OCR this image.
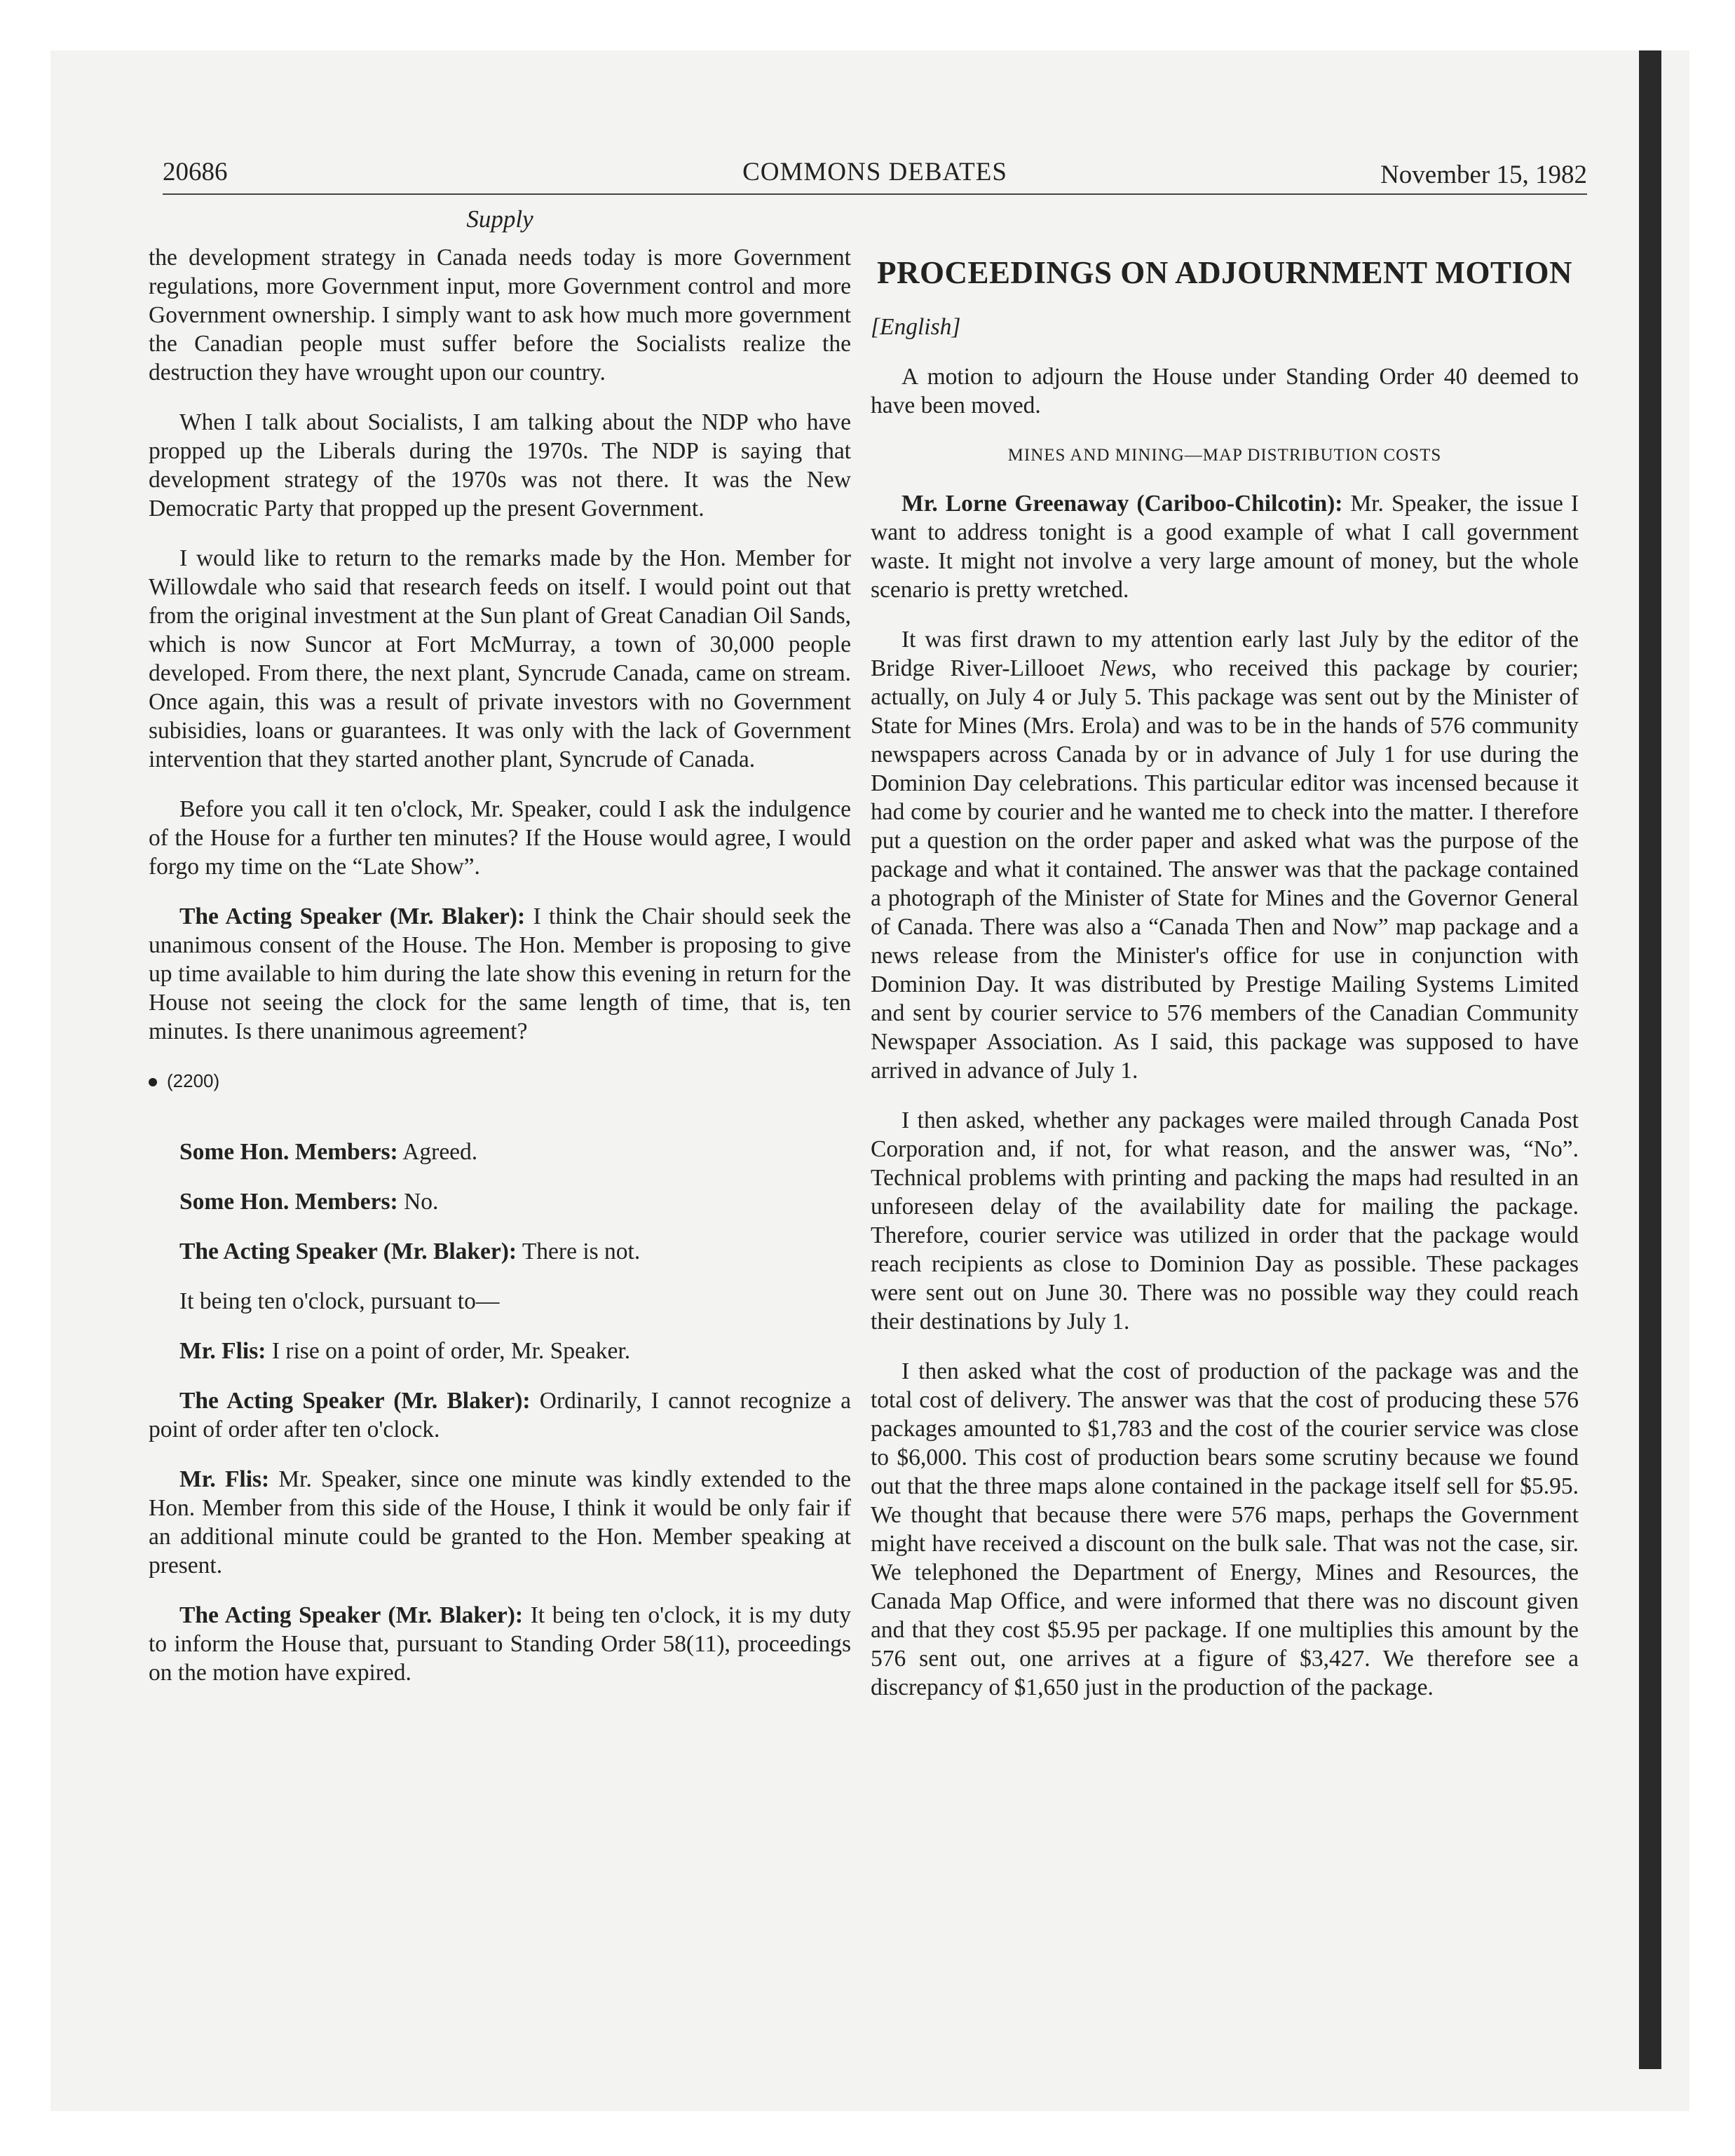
20686	COMMONS DEBATES	November 15, 1982
Supply

the development strategy in Canada needs today is more Government regulations, more Government input, more Government control and more Government ownership. I simply want to ask how much more government the Canadian people must suffer before the Socialists realize the destruction they have wrought upon our country.

When I talk about Socialists, I am talking about the NDP who have propped up the Liberals during the 1970s. The NDP is saying that development strategy of the 1970s was not there. It was the New Democratic Party that propped up the present Government.

I would like to return to the remarks made by the Hon. Member for Willowdale who said that research feeds on itself. I would point out that from the original investment at the Sun plant of Great Canadian Oil Sands, which is now Suncor at Fort McMurray, a town of 30,000 people developed. From there, the next plant, Syncrude Canada, came on stream. Once again, this was a result of private investors with no Government subisidies, loans or guarantees. It was only with the lack of Government intervention that they started another plant, Syncrude of Canada.

Before you call it ten o'clock, Mr. Speaker, could I ask the indulgence of the House for a further ten minutes? If the House would agree, I would forgo my time on the “Late Show”.

The Acting Speaker (Mr. Blaker): I think the Chair should seek the unanimous consent of the House. The Hon. Member is proposing to give up time available to him during the late show this evening in return for the House not seeing the clock for the same length of time, that is, ten minutes. Is there unanimous agreement?

(2200)

Some Hon. Members: Agreed.

Some Hon. Members: No.

The Acting Speaker (Mr. Blaker): There is not.

It being ten o'clock, pursuant to—

Mr. Flis: I rise on a point of order, Mr. Speaker.

The Acting Speaker (Mr. Blaker): Ordinarily, I cannot recognize a point of order after ten o'clock.

Mr. Flis: Mr. Speaker, since one minute was kindly extended to the Hon. Member from this side of the House, I think it would be only fair if an additional minute could be granted to the Hon. Member speaking at present.

The Acting Speaker (Mr. Blaker): It being ten o'clock, it is my duty to inform the House that, pursuant to Standing Order 58(11), proceedings on the motion have expired.

PROCEEDINGS ON ADJOURNMENT MOTION
[English]

A motion to adjourn the House under Standing Order 40 deemed to have been moved.

MINES AND MINING—MAP DISTRIBUTION COSTS

Mr. Lorne Greenaway (Cariboo-Chilcotin): Mr. Speaker, the issue I want to address tonight is a good example of what I call government waste. It might not involve a very large amount of money, but the whole scenario is pretty wretched.

It was first drawn to my attention early last July by the editor of the Bridge River-Lillooet News, who received this package by courier; actually, on July 4 or July 5. This package was sent out by the Minister of State for Mines (Mrs. Erola) and was to be in the hands of 576 community newspapers across Canada by or in advance of July 1 for use during the Dominion Day celebrations. This particular editor was incensed because it had come by courier and he wanted me to check into the matter. I therefore put a question on the order paper and asked what was the purpose of the package and what it contained. The answer was that the package contained a photograph of the Minister of State for Mines and the Governor General of Canada. There was also a “Canada Then and Now” map package and a news release from the Minister's office for use in conjunction with Dominion Day. It was distributed by Prestige Mailing Systems Limited and sent by courier service to 576 members of the Canadian Community Newspaper Association. As I said, this package was supposed to have arrived in advance of July 1.

I then asked, whether any packages were mailed through Canada Post Corporation and, if not, for what reason, and the answer was, “No”. Technical problems with printing and packing the maps had resulted in an unforeseen delay of the availability date for mailing the package. Therefore, courier service was utilized in order that the package would reach recipients as close to Dominion Day as possible. These packages were sent out on June 30. There was no possible way they could reach their destinations by July 1.

I then asked what the cost of production of the package was and the total cost of delivery. The answer was that the cost of producing these 576 packages amounted to $1,783 and the cost of the courier service was close to $6,000. This cost of production bears some scrutiny because we found out that the three maps alone contained in the package itself sell for $5.95. We thought that because there were 576 maps, perhaps the Government might have received a discount on the bulk sale. That was not the case, sir. We telephoned the Department of Energy, Mines and Resources, the Canada Map Office, and were informed that there was no discount given and that they cost $5.95 per package. If one multiplies this amount by the 576 sent out, one arrives at a figure of $3,427. We therefore see a discrepancy of $1,650 just in the production of the package.
